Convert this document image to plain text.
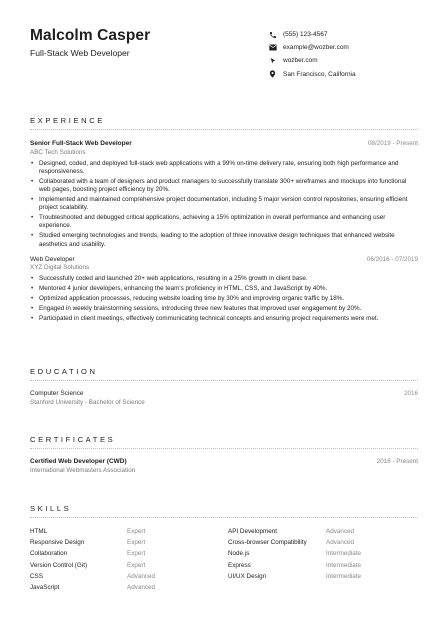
Malcolm Casper
Full-Stack Web Developer
(555) 123-4567
example@wozber.com
wozber.com
San Francisco, California
EXPERIENCE
Senior Full-Stack Web Developer	08/2019 - Present
ABC Tech Solutions
• Designed, coded, and deployed full-stack web applications with a 99% on-time delivery rate, ensuring both high performance and responsiveness.
• Collaborated with a team of designers and product managers to successfully translate 300+ wireframes and mockups into functional web pages, boosting project efficiency by 20%.
• Implemented and maintained comprehensive project documentation, including 5 major version control repositories, ensuring efficient project scalability.
• Troubleshooted and debugged critical applications, achieving a 15% optimization in overall performance and enhancing user experience.
• Studied emerging technologies and trends, leading to the adoption of three innovative design techniques that enhanced website aesthetics and usability.
Web Developer	06/2016 - 07/2019
XYZ Digital Solutions
• Successfully coded and launched 20+ web applications, resulting in a 25% growth in client base.
• Mentored 4 junior developers, enhancing the team's proficiency in HTML, CSS, and JavaScript by 40%.
• Optimized application processes, reducing website loading time by 30% and improving organic traffic by 18%.
• Engaged in weekly brainstorming sessions, introducing three new features that improved user engagement by 20%.
• Participated in client meetings, effectively communicating technical concepts and ensuring project requirements were met.
EDUCATION
Computer Science	2016
Stanford University - Bachelor of Science
CERTIFICATES
Certified Web Developer (CWD)	2016 - Present
International Webmasters Association
SKILLS
HTML	Expert	API Development	Advanced
Responsive Design	Expert	Cross-browser Compatibility	Advanced
Collaboration	Expert	Node.js	Intermediate
Version Control (Git)	Expert	Express	Intermediate
CSS	Advanced	UI/UX Design	Intermediate
JavaScript	Advanced
